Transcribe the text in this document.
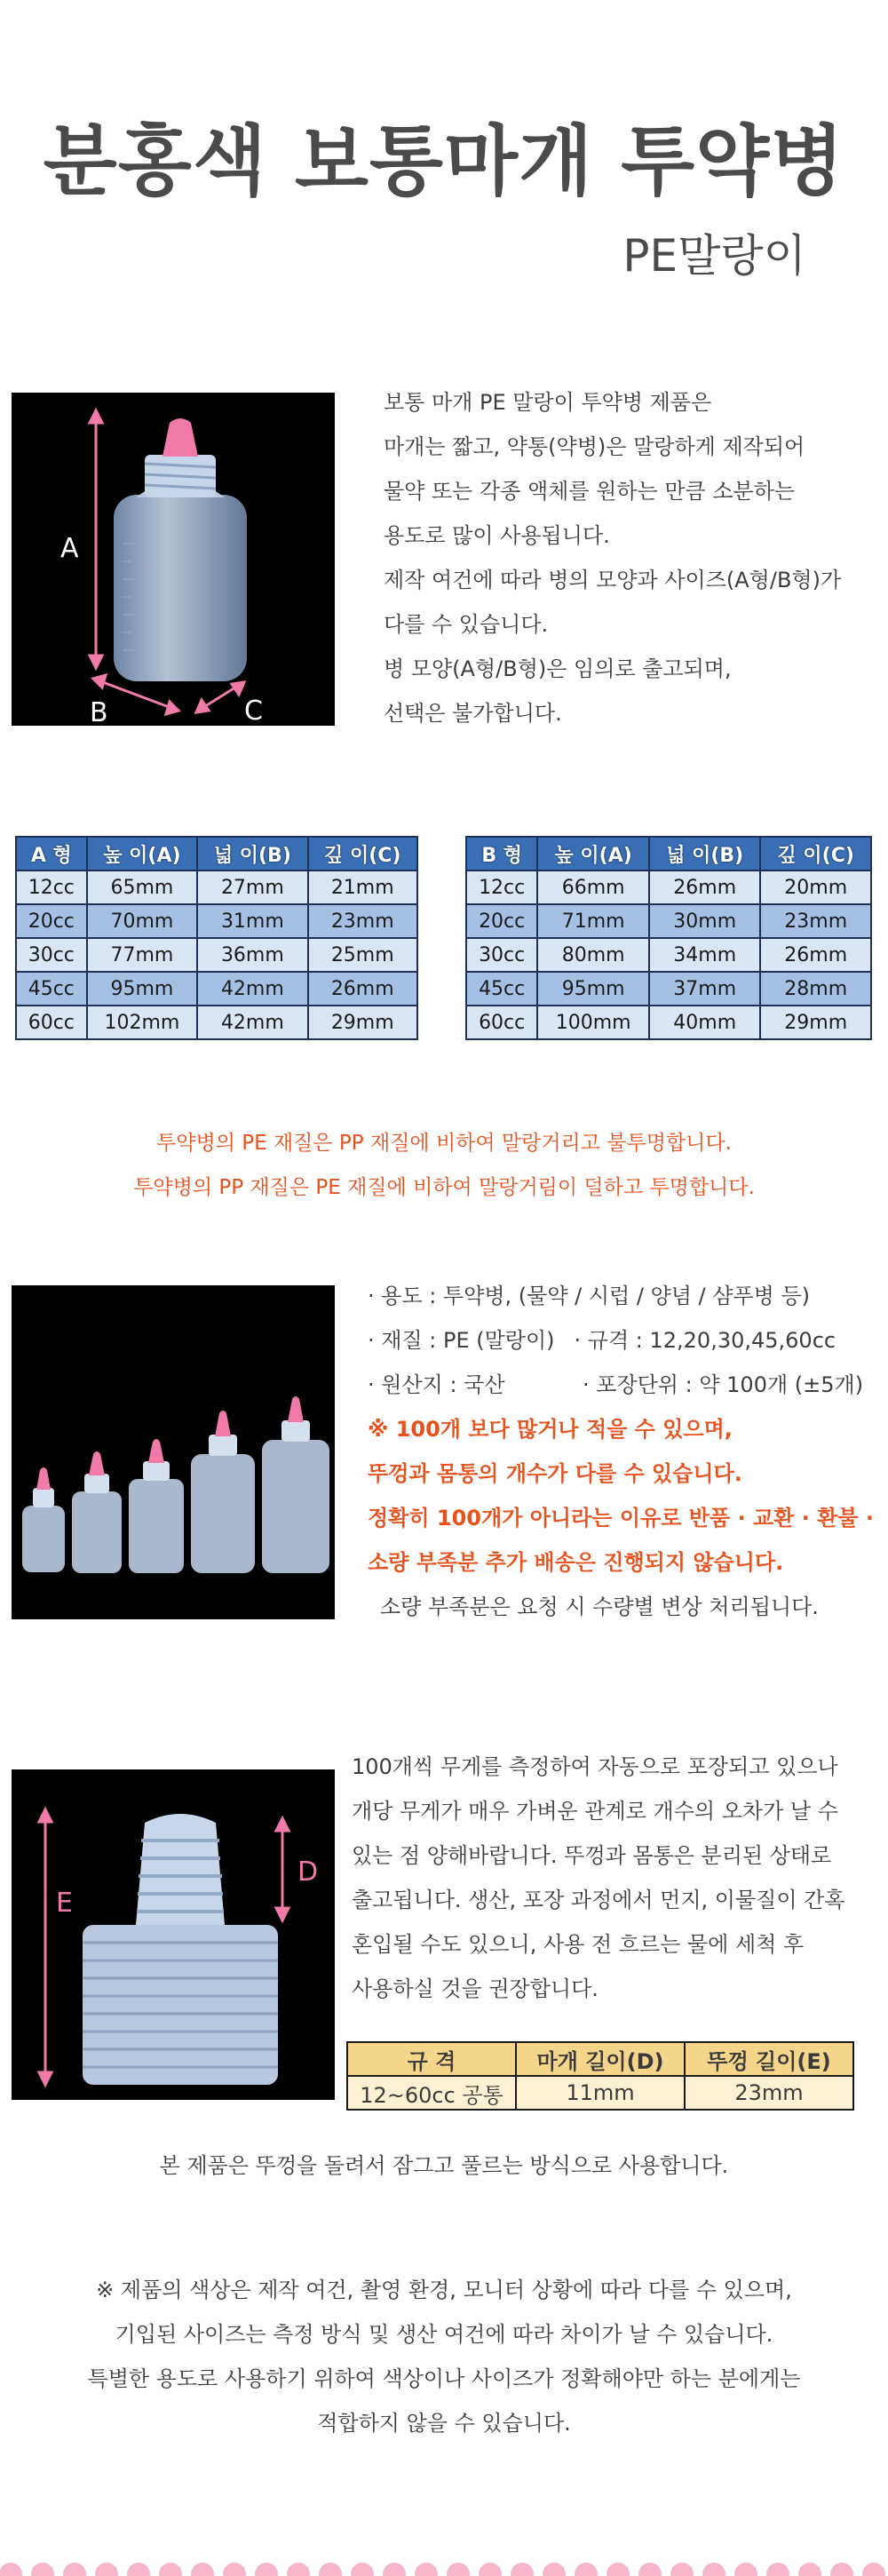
분홍색 보통마개 투약병
PE말랑이
A
B	C
보통 마개 PE 말랑이 투약병 제품은
마개는 짧고, 약통(약병)은 말랑하게 제작되어
물약 또는 각종 액체를 원하는 만큼 소분하는
용도로 많이 사용됩니다.
제작 여건에 따라 병의 모양과 사이즈(A형/B형)가
다를 수 있습니다.
병 모양(A형/B형)은 임의로 출고되며,
선택은 불가합니다.
A 형	높 이(A)	넓 이(B)	깊 이(C)
12cc	65mm	27mm	21mm
20cc	70mm	31mm	23mm
30cc	77mm	36mm	25mm
45cc	95mm	42mm	26mm
60cc	102mm	42mm	29mm
B 형	높 이(A)	넓 이(B)	깊 이(C)
12cc	66mm	26mm	20mm
20cc	71mm	30mm	23mm
30cc	80mm	34mm	26mm
45cc	95mm	37mm	28mm
60cc	100mm	40mm	29mm
투약병의 PE 재질은 PP 재질에 비하여 말랑거리고 불투명합니다.
투약병의 PP 재질은 PE 재질에 비하여 말랑거림이 덜하고 투명합니다.
· 용도 : 투약병, (물약 / 시럽 / 양념 / 샴푸병 등)
· 재질 : PE (말랑이) · 규격 : 12,20,30,45,60cc
· 원산지 : 국산	· 포장단위 : 약 100개 (±5개)
※ 100개 보다 많거나 적을 수 있으며,
뚜껑과 몸통의 개수가 다를 수 있습니다.
정확히 100개가 아니라는 이유로 반품 · 교환 · 환불 ·
소량 부족분 추가 배송은 진행되지 않습니다.
소량 부족분은 요청 시 수량별 변상 처리됩니다.
E
D
100개씩 무게를 측정하여 자동으로 포장되고 있으나
개당 무게가 매우 가벼운 관계로 개수의 오차가 날 수
있는 점 양해바랍니다. 뚜껑과 몸통은 분리된 상태로
출고됩니다. 생산, 포장 과정에서 먼지, 이물질이 간혹
혼입될 수도 있으니, 사용 전 흐르는 물에 세척 후
사용하실 것을 권장합니다.
규 격	마개 길이(D)	뚜껑 길이(E)
12~60cc 공통	11mm	23mm
본 제품은 뚜껑을 돌려서 잠그고 풀르는 방식으로 사용합니다.
※ 제품의 색상은 제작 여건, 촬영 환경, 모니터 상황에 따라 다를 수 있으며,
기입된 사이즈는 측정 방식 및 생산 여건에 따라 차이가 날 수 있습니다.
특별한 용도로 사용하기 위하여 색상이나 사이즈가 정확해야만 하는 분에게는
적합하지 않을 수 있습니다.
